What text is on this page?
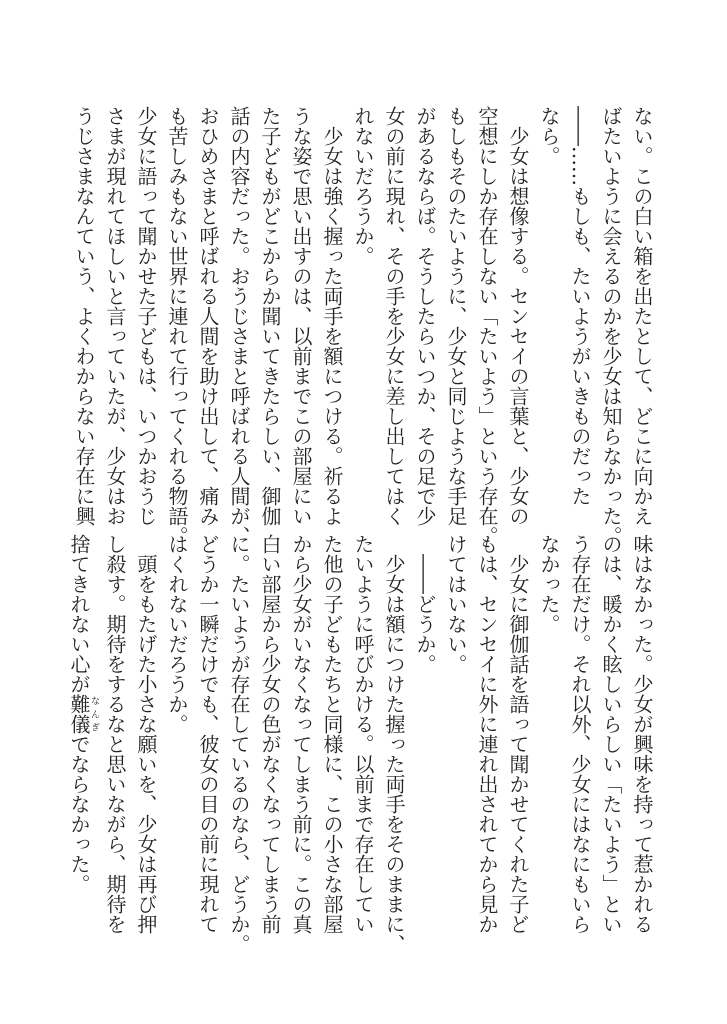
ない。この白い箱を出たとして、どこに向かえ
ばたいように会えるのかを少女は知らなかった。
――……もしも、たいようがいきものだった
なら。
　少女は想像する。センセイの言葉と、少女の
空想にしか存在しない「たいよう」という存在。
もしもそのたいように、少女と同じような手足
があるならば。そうしたらいつか、その足で少
女の前に現れ、その手を少女に差し出してはく
れないだろうか。
　少女は強く握った両手を額につける。祈るよ
うな姿で思い出すのは、以前までこの部屋にい
た子どもがどこからか聞いてきたらしい、御伽
話の内容だった。おうじさまと呼ばれる人間が、
おひめさまと呼ばれる人間を助け出して、痛み
も苦しみもない世界に連れて行ってくれる物語。
少女に語って聞かせた子どもは、いつかおうじ
さまが現れてほしいと言っていたが、少女はお
うじさまなんていう、よくわからない存在に興
味はなかった。少女が興味を持って惹かれる
のは、暖かく眩しいらしい「たいよう」とい
う存在だけ。それ以外、少女にはなにもいら
なかった。
　少女に御伽話を語って聞かせてくれた子ど
もは、センセイに外に連れ出されてから見か
けてはいない。
　――どうか。
　少女は額につけた握った両手をそのままに、
たいように呼びかける。以前まで存在してい
た他の子どもたちと同様に、この小さな部屋
から少女がいなくなってしまう前に。この真
白い部屋から少女の色がなくなってしまう前
に。たいようが存在しているのなら、どうか。
どうか一瞬だけでも、彼女の目の前に現れて
はくれないだろうか。
　頭をもたげた小さな願いを、少女は再び押
し殺す。期待をするなと思いながら、期待を
捨てきれない心が難儀なんぎでならなかった。
